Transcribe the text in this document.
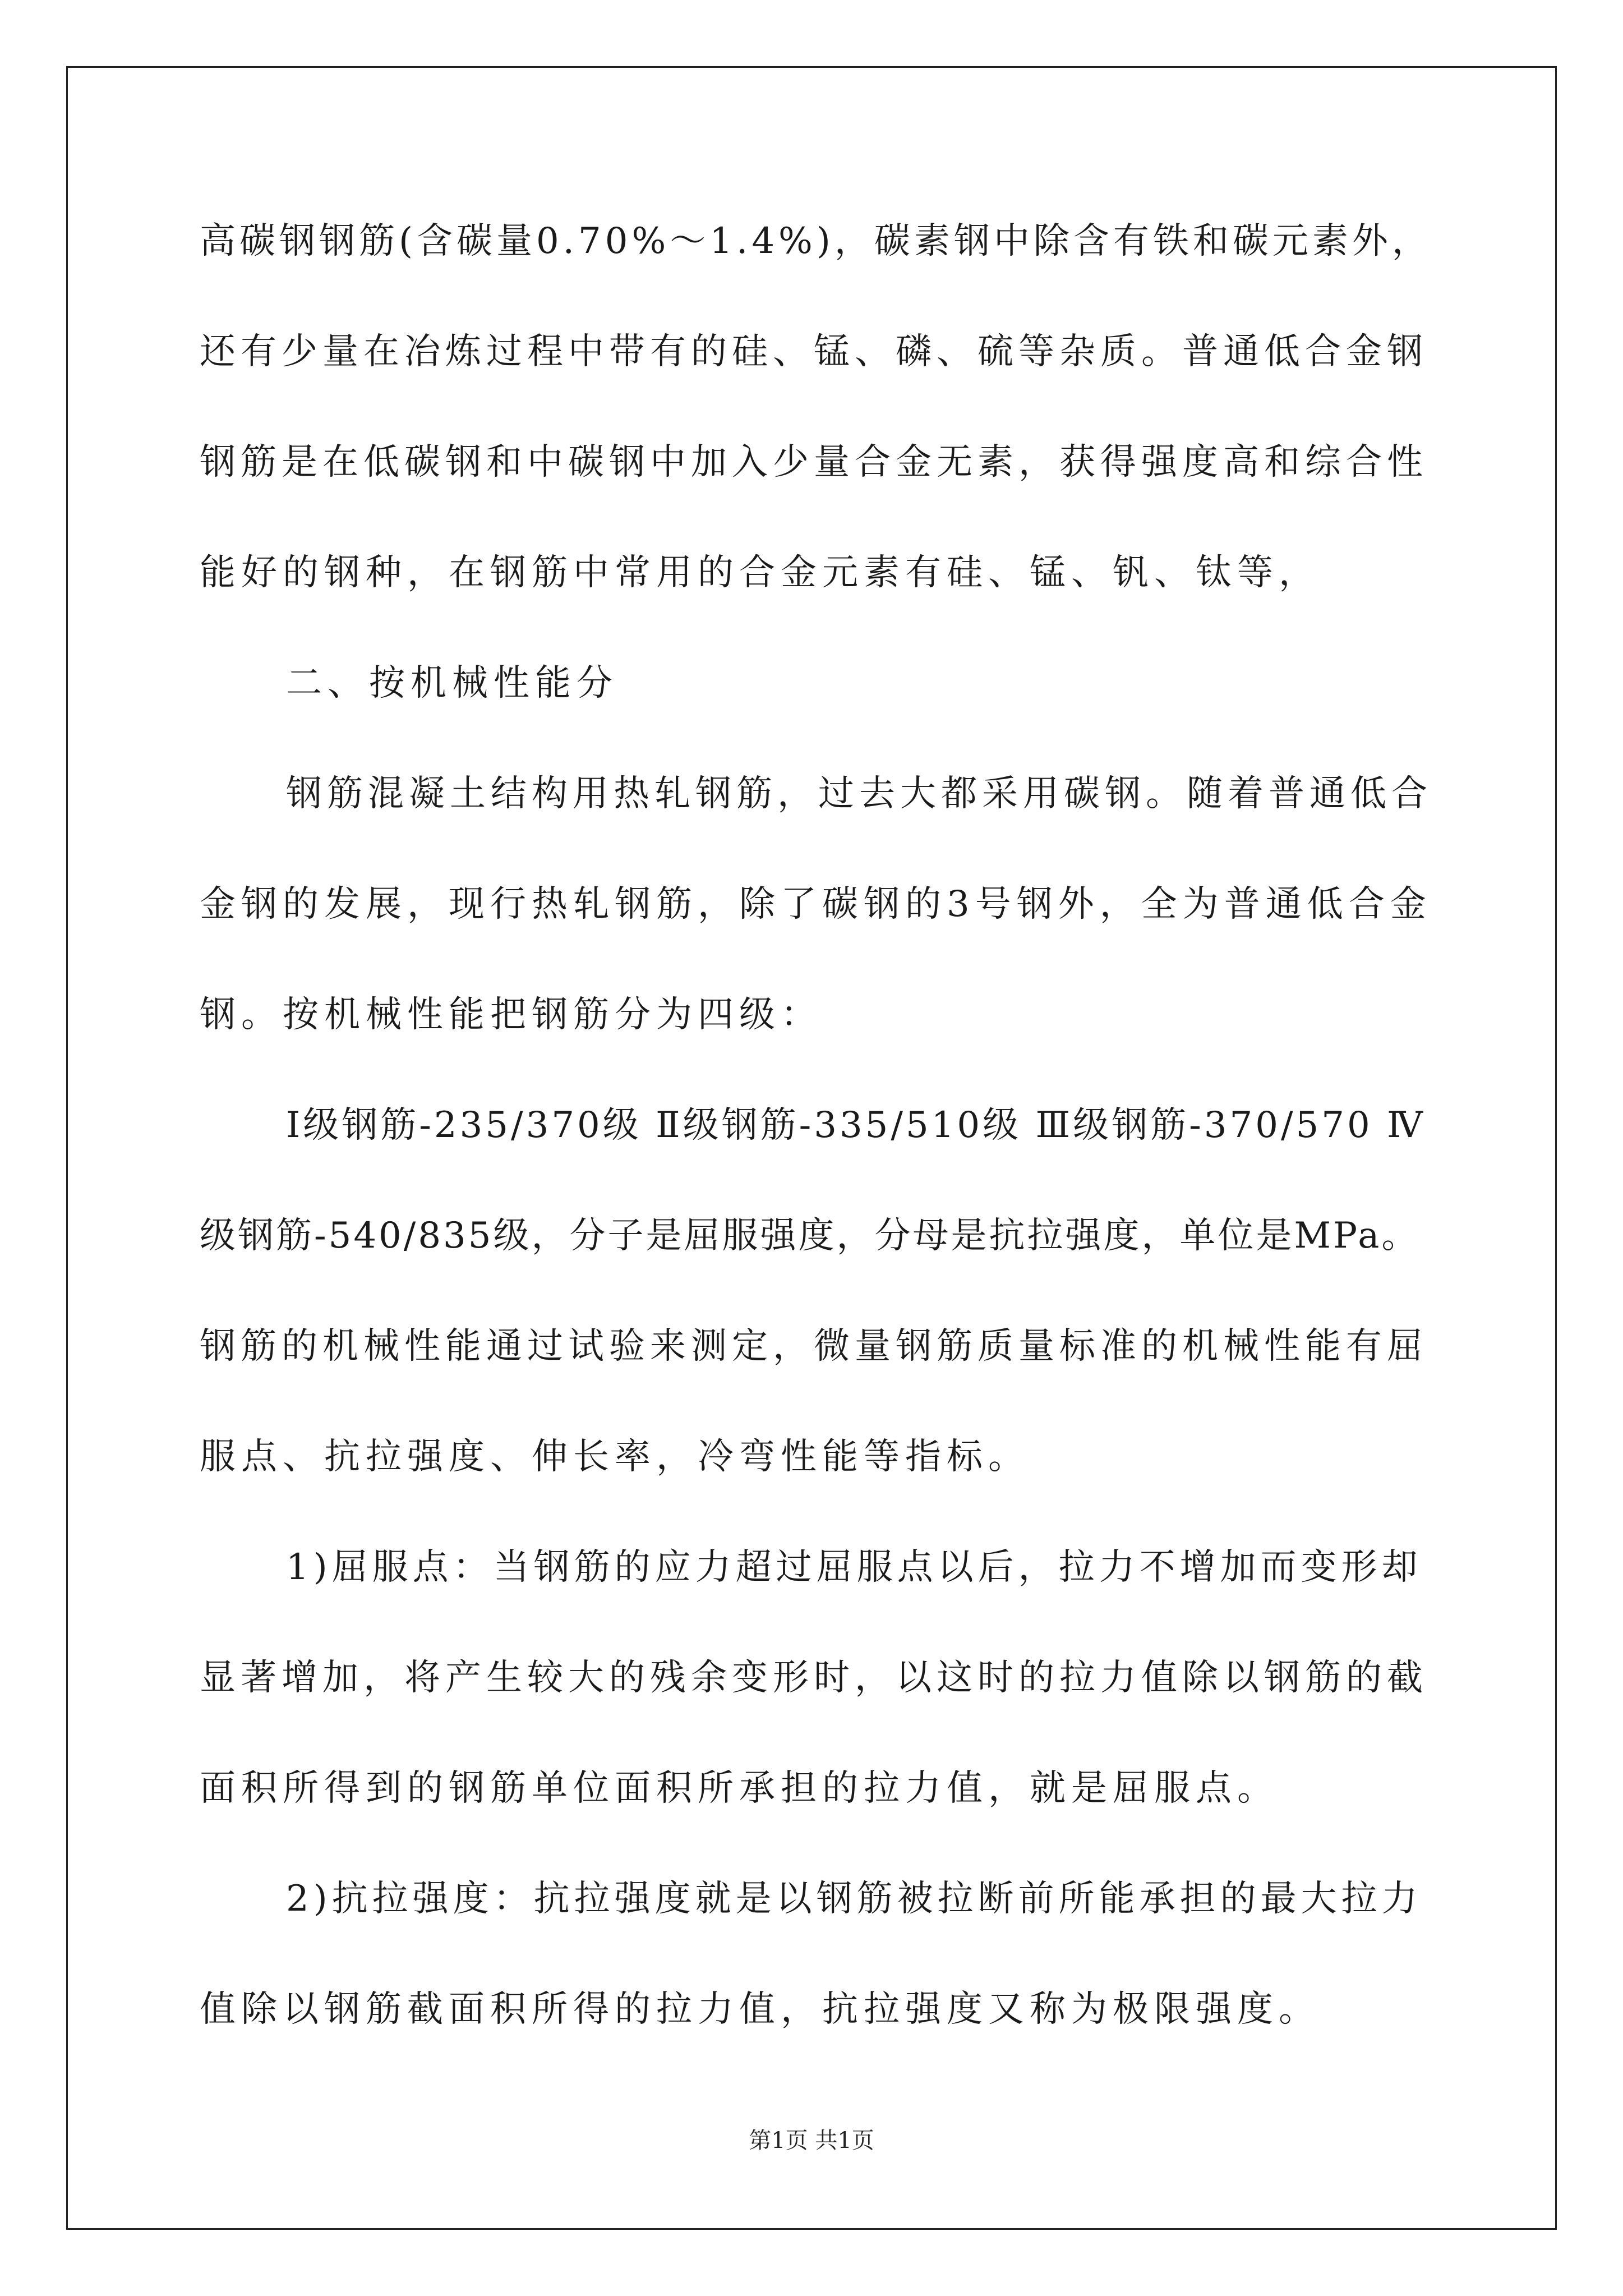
高碳钢钢筋(含碳量0.70%～1.4%)，碳素钢中除含有铁和碳元素外，
还有少量在冶炼过程中带有的硅、锰、磷、硫等杂质。普通低合金钢
钢筋是在低碳钢和中碳钢中加入少量合金无素，获得强度高和综合性
能好的钢种，在钢筋中常用的合金元素有硅、锰、钒、钛等，
二、按机械性能分
钢筋混凝土结构用热轧钢筋，过去大都采用碳钢。随着普通低合
金钢的发展，现行热轧钢筋，除了碳钢的3号钢外，全为普通低合金
钢。按机械性能把钢筋分为四级：
Ⅰ级钢筋-235/370级 Ⅱ级钢筋-335/510级 Ⅲ级钢筋-370/570 Ⅳ
级钢筋-540/835级，分子是屈服强度，分母是抗拉强度，单位是MPa。
钢筋的机械性能通过试验来测定，微量钢筋质量标准的机械性能有屈
服点、抗拉强度、伸长率，冷弯性能等指标。
1)屈服点：当钢筋的应力超过屈服点以后，拉力不增加而变形却
显著增加，将产生较大的残余变形时，以这时的拉力值除以钢筋的截
面积所得到的钢筋单位面积所承担的拉力值，就是屈服点。
2)抗拉强度：抗拉强度就是以钢筋被拉断前所能承担的最大拉力
值除以钢筋截面积所得的拉力值，抗拉强度又称为极限强度。
第1页 共1页
